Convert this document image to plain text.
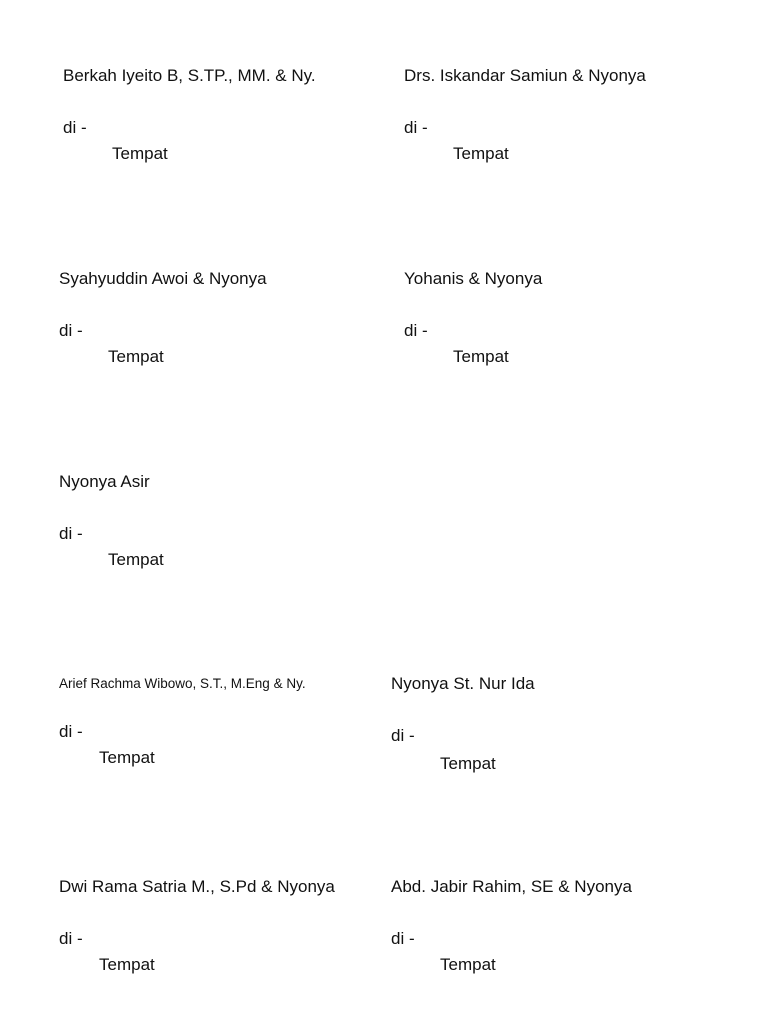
Berkah Iyeito B, S.TP., MM. & Ny.
di -
Tempat
Drs. Iskandar Samiun & Nyonya
di -
Tempat
Syahyuddin Awoi & Nyonya
di -
Tempat
Yohanis & Nyonya
di -
Tempat
Nyonya Asir
di -
Tempat
Arief Rachma Wibowo, S.T., M.Eng & Ny.
di -
Tempat
Nyonya St. Nur Ida
di -
Tempat
Dwi Rama Satria M., S.Pd & Nyonya
di -
Tempat
Abd. Jabir Rahim, SE & Nyonya
di -
Tempat
